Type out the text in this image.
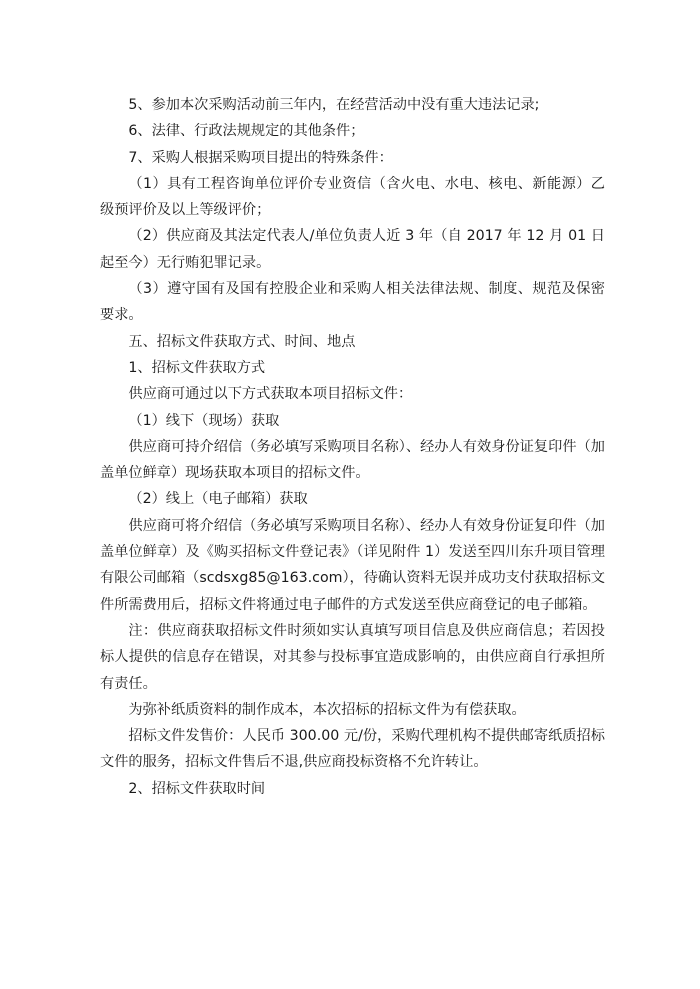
5、参加本次采购活动前三年内，在经营活动中没有重大违法记录;

6、法律、行政法规规定的其他条件；

7、采购人根据采购项目提出的特殊条件：

（1）具有工程咨询单位评价专业资信（含火电、水电、核电、新能源）乙级预评价及以上等级评价；

（2）供应商及其法定代表人/单位负责人近 3 年（自 2017 年 12 月 01 日起至今）无行贿犯罪记录。

（3）遵守国有及国有控股企业和采购人相关法律法规、制度、规范及保密要求。

五、招标文件获取方式、时间、地点

1、招标文件获取方式

供应商可通过以下方式获取本项目招标文件：

（1）线下（现场）获取

供应商可持介绍信（务必填写采购项目名称）、经办人有效身份证复印件（加盖单位鲜章）现场获取本项目的招标文件。

（2）线上（电子邮箱）获取

供应商可将介绍信（务必填写采购项目名称）、经办人有效身份证复印件（加盖单位鲜章）及《购买招标文件登记表》（详见附件 1）发送至四川东升项目管理有限公司邮箱（scdsxg85@163.com），待确认资料无误并成功支付获取招标文件所需费用后，招标文件将通过电子邮件的方式发送至供应商登记的电子邮箱。

注：供应商获取招标文件时须如实认真填写项目信息及供应商信息；若因投标人提供的信息存在错误，对其参与投标事宜造成影响的，由供应商自行承担所有责任。

为弥补纸质资料的制作成本，本次招标的招标文件为有偿获取。

招标文件发售价：人民币 300.00 元/份，采购代理机构不提供邮寄纸质招标文件的服务，招标文件售后不退,供应商投标资格不允许转让。

2、招标文件获取时间
